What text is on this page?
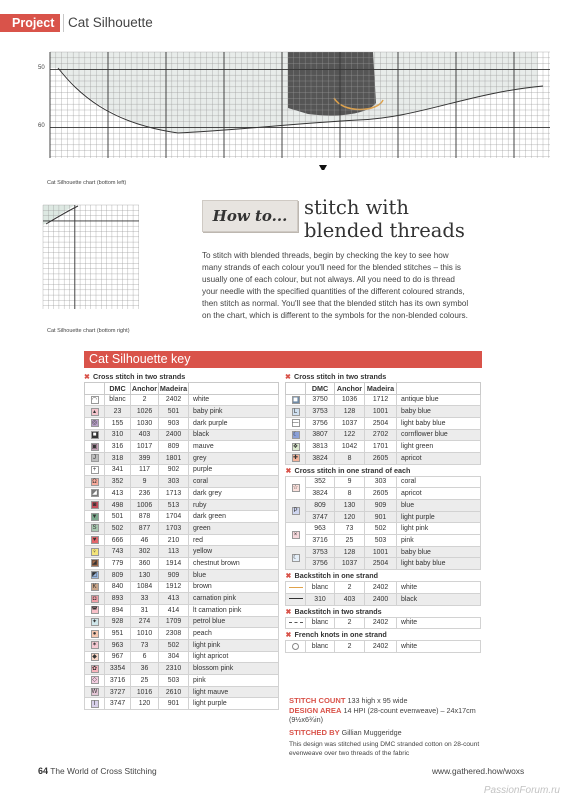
Project	Cat Silhouette
50
60
Cat Silhouette chart (bottom left)
Cat Silhouette chart (bottom right)
How to... stitch with
blended threads
To stitch with blended threads, begin by checking the key to see how many strands of each colour you'll need for the blended stitches – this is usually one of each colour, but not always. All you need to do is thread your needle with the specified quantities of the different coloured strands, then stitch as normal. You'll see that the blended stitch has its own symbol on the chart, which is different to the symbols for the non-blended colours.
Cat Silhouette key
✖ Cross stitch in two strands
	DMC	Anchor	Madeira	
◠	blanc	2	2402	white
▴	23	1026	501	baby pink
◎	155	1030	903	dark purple
■	310	403	2400	black
▣	316	1017	809	mauve
J	318	399	1801	grey
+	341	117	902	purple
Ω	352	9	303	coral
◢	413	236	1713	dark grey
◙	498	1006	513	ruby
▼	501	878	1704	dark green
S	502	877	1703	green
♥	666	46	210	red
♀	743	302	113	yellow
◪	779	360	1914	chestnut brown
◩	809	130	909	blue
K	840	1084	1912	brown
◘	893	33	413	carnation pink
◚	894	31	414	lt carnation pink
✦	928	274	1709	petrol blue
●	951	1010	2308	peach
✶	963	73	502	light pink
◆	967	6	304	light apricot
✿	3354	36	2310	blossom pink
◇	3716	25	503	pink
W	3727	1016	2610	light mauve
I	3747	120	901	light purple
✖ Cross stitch in two strands
	DMC	Anchor	Madeira	
◼	3750	1036	1712	antique blue
L	3753	128	1001	baby blue
—	3756	1037	2504	light baby blue
☾	3807	122	2702	cornflower blue
❖	3813	1042	1701	light green
✚	3824	8	2605	apricot
✖ Cross stitch in one strand of each				
☆	352	9	303	coral
	3824	8	2605	apricot
P	809	130	909	blue
	3747	120	901	light purple
×	963	73	502	light pink
	3716	25	503	pink
☾	3753	128	1001	baby blue
	3756	1037	2504	light baby blue
✖ Backstitch in one strand				
	blanc	2	2402	white
	310	403	2400	black
✖ Backstitch in two strands				
	blanc	2	2402	white
✖ French knots in one strand				
	blanc	2	2402	white
STITCH COUNT 133 high x 95 wide
DESIGN AREA 14 HPI (28-count evenweave) – 24x17cm (9½x6¾in)
STITCHED BY Gillian Muggeridge
This design was stitched using DMC stranded cotton on 28-count evenweave over two threads of the fabric
64 The World of Cross Stitching	www.gathered.how/woxs
PassionForum.ru
